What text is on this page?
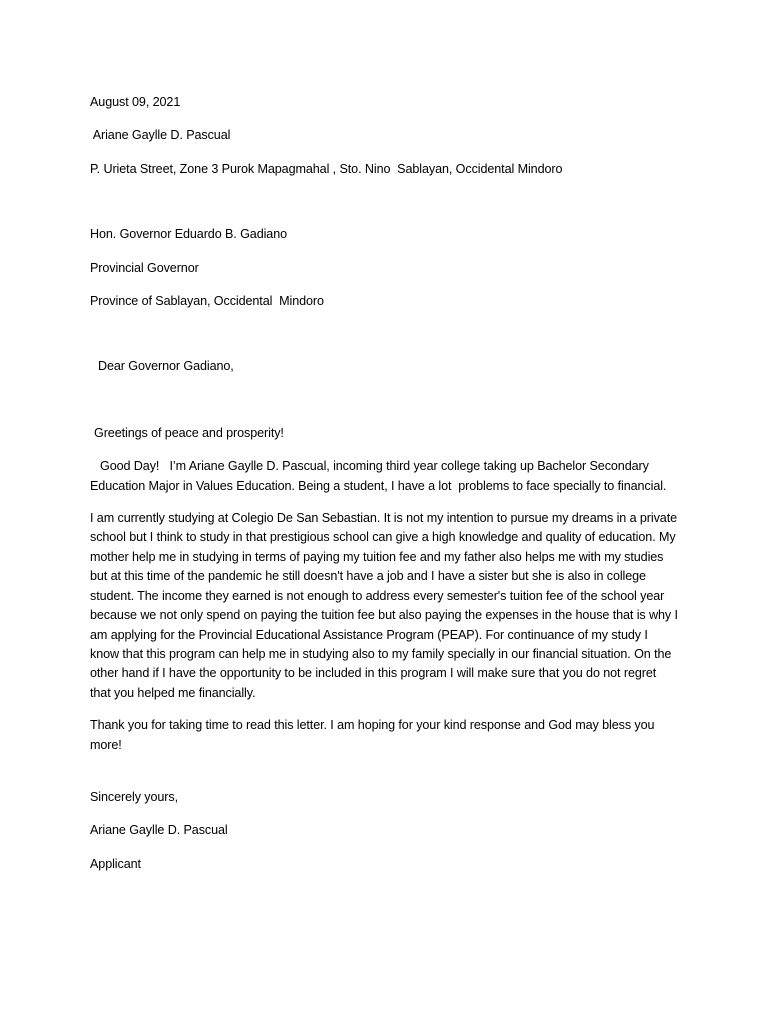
August 09, 2021

Ariane Gaylle D. Pascual

P. Urieta Street, Zone 3 Purok Mapagmahal , Sto. Nino  Sablayan, Occidental Mindoro

Hon. Governor Eduardo B. Gadiano

Provincial Governor

Province of Sablayan, Occidental  Mindoro

Dear Governor Gadiano,

Greetings of peace and prosperity!

Good Day!   I’m Ariane Gaylle D. Pascual, incoming third year college taking up Bachelor Secondary Education Major in Values Education. Being a student, I have a lot  problems to face specially to financial.

I am currently studying at Colegio De San Sebastian. It is not my intention to pursue my dreams in a private school but I think to study in that prestigious school can give a high knowledge and quality of education. My mother help me in studying in terms of paying my tuition fee and my father also helps me with my studies but at this time of the pandemic he still doesn't have a job and I have a sister but she is also in college student. The income they earned is not enough to address every semester's tuition fee of the school year because we not only spend on paying the tuition fee but also paying the expenses in the house that is why I am applying for the Provincial Educational Assistance Program (PEAP). For continuance of my study I know that this program can help me in studying also to my family specially in our financial situation. On the other hand if I have the opportunity to be included in this program I will make sure that you do not regret that you helped me financially.

Thank you for taking time to read this letter. I am hoping for your kind response and God may bless you more!

Sincerely yours,

Ariane Gaylle D. Pascual

Applicant
